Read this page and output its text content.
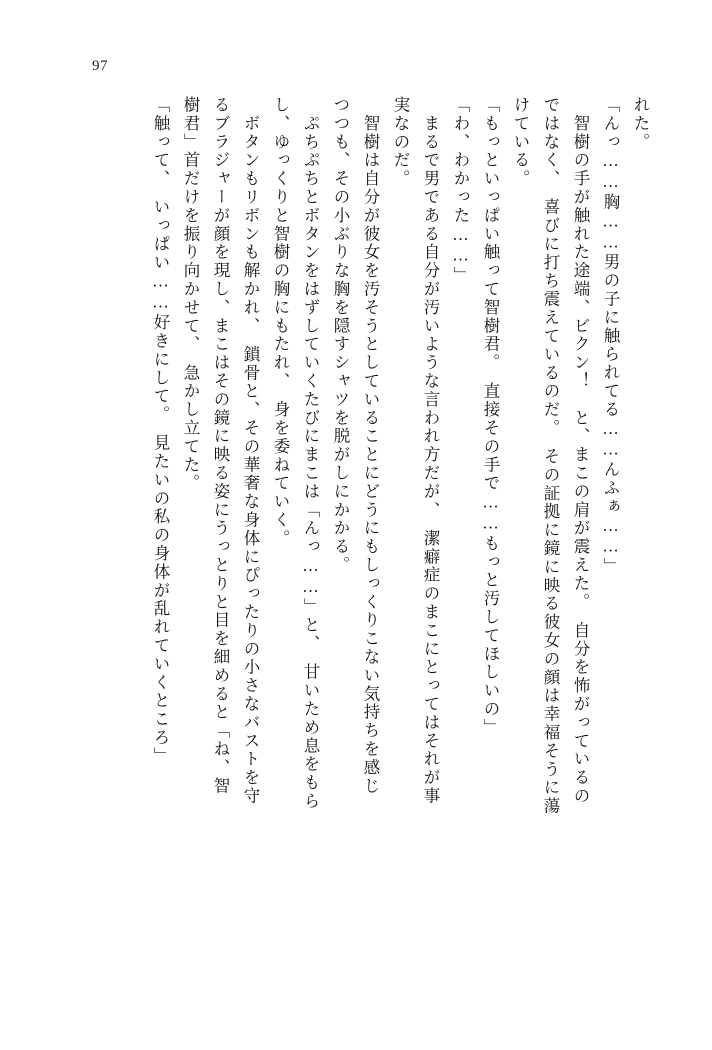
97
れた。
「んっ……胸……男の子に触られてる……んふぁ……」
　智樹の手が触れた途端、ビクン！　と、まこの肩が震えた。　自分を怖がっているの
ではなく、　喜びに打ち震えているのだ。　その証拠に鏡に映る彼女の顔は幸福そうに蕩
けている。
「もっといっぱい触って智樹君。　直接その手で……もっと汚してほしいの」
「わ、わかった……」
　まるで男である自分が汚いような言われ方だが、　潔癖症のまこにとってはそれが事
実なのだ。
　智樹は自分が彼女を汚そうとしていることにどうにもしっくりこない気持ちを感じ
つつも、その小ぶりな胸を隠すシャツを脱がしにかかる。
　ぷちぷちとボタンをはずしていくたびにまこは「んっ……」と、　甘いため息をもら
し、ゆっくりと智樹の胸にもたれ、　身を委ねていく。
　ボタンもリボンも解かれ、　鎖骨と、その華奢な身体にぴったりの小さなバストを守
るブラジャーが顔を現し、まこはその鏡に映る姿にうっとりと目を細めると「ね、智
樹君」首だけを振り向かせて、　急かし立てた。
「触って、　いっぱい……好きにして。　見たいの私の身体が乱れていくところ」
